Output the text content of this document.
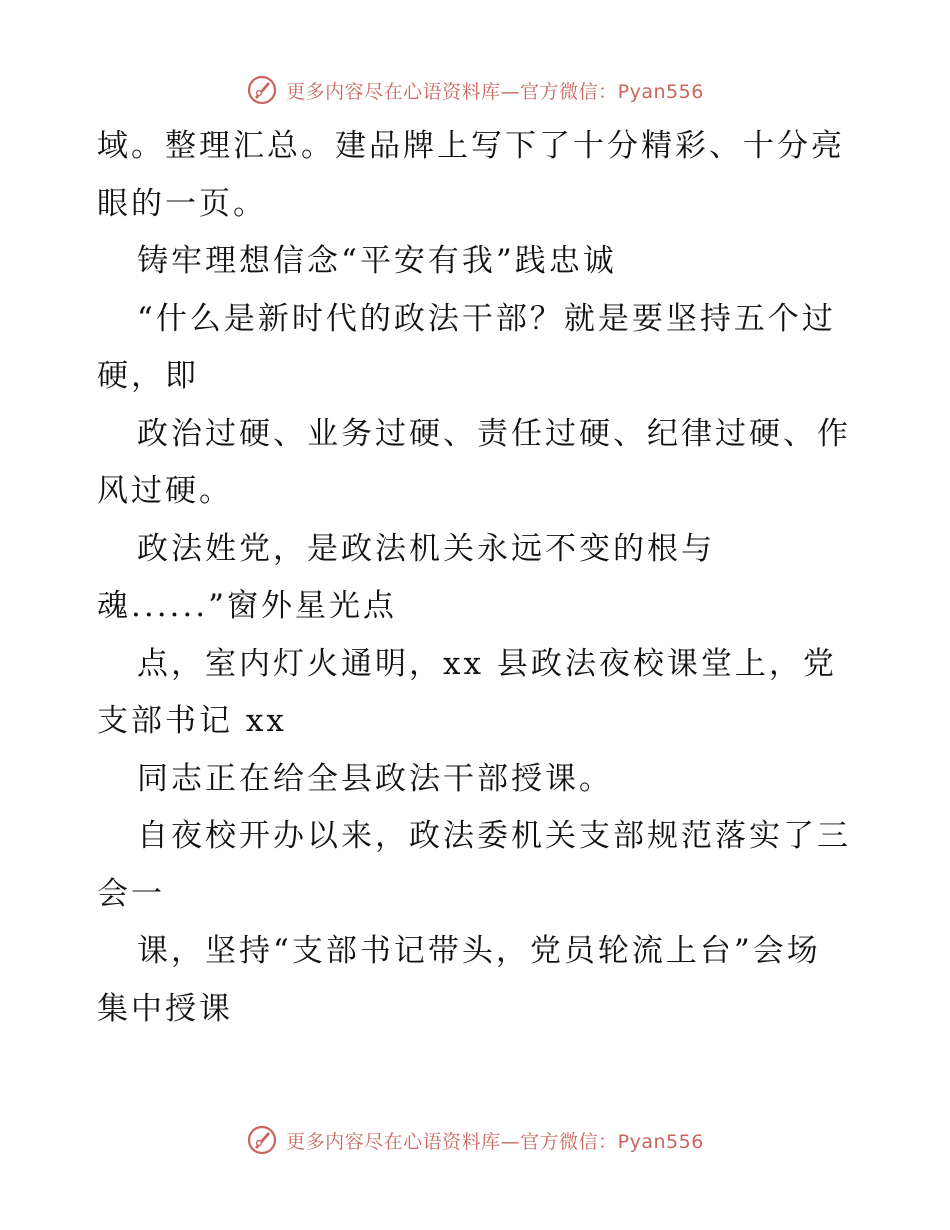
更多内容尽在心语资料库—官方微信：Pyan556
域。整理汇总。建品牌上写下了十分精彩、十分亮
眼的一页。
铸牢理想信念“平安有我”践忠诚
“什么是新时代的政法干部？就是要坚持五个过
硬，即
政治过硬、业务过硬、责任过硬、纪律过硬、作
风过硬。
政法姓党，是政法机关永远不变的根与
魂......”窗外星光点
点，室内灯火通明，xx 县政法夜校课堂上，党
支部书记 xx
同志正在给全县政法干部授课。
自夜校开办以来，政法委机关支部规范落实了三
会一
课，坚持“支部书记带头，党员轮流上台”会场
集中授课
更多内容尽在心语资料库—官方微信：Pyan556
